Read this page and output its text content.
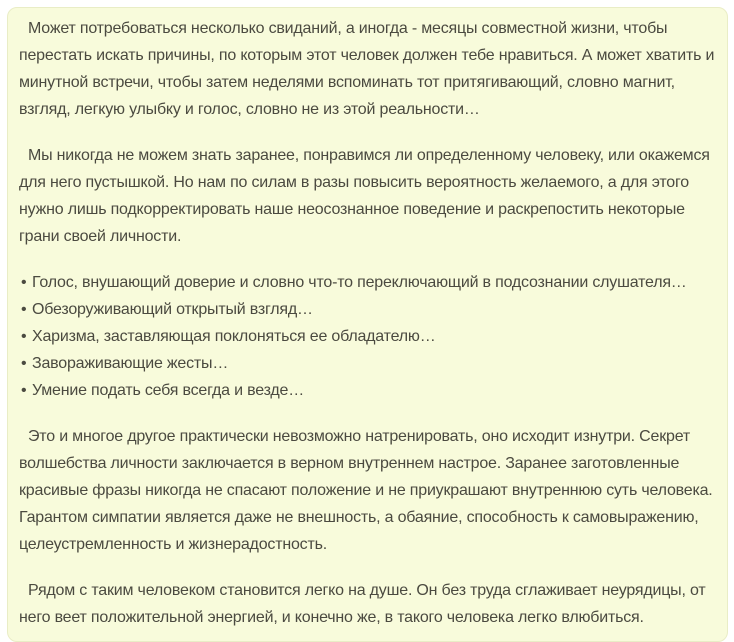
Может потребоваться несколько свиданий, а иногда - месяцы совместной жизни, чтобы перестать искать причины, по которым этот человек должен тебе нравиться. А может хватить и минутной встречи, чтобы затем неделями вспоминать тот притягивающий, словно магнит, взгляд, легкую улыбку и голос, словно не из этой реальности…

Мы никогда не можем знать заранее, понравимся ли определенному человеку, или окажемся для него пустышкой. Но нам по силам в разы повысить вероятность желаемого, а для этого нужно лишь подкорректировать наше неосознанное поведение и раскрепостить некоторые грани своей личности.

• Голос, внушающий доверие и словно что-то переключающий в подсознании слушателя…
• Обезоруживающий открытый взгляд…
• Харизма, заставляющая поклоняться ее обладателю…
• Завораживающие жесты…
• Умение подать себя всегда и везде…

Это и многое другое практически невозможно натренировать, оно исходит изнутри. Секрет волшебства личности заключается в верном внутреннем настрое. Заранее заготовленные красивые фразы никогда не спасают положение и не приукрашают внутреннюю суть человека. Гарантом симпатии является даже не внешность, а обаяние, способность к самовыражению, целеустремленность и жизнерадостность.

Рядом с таким человеком становится легко на душе. Он без труда сглаживает неурядицы, от него веет положительной энергией, и конечно же, в такого человека легко влюбиться.
